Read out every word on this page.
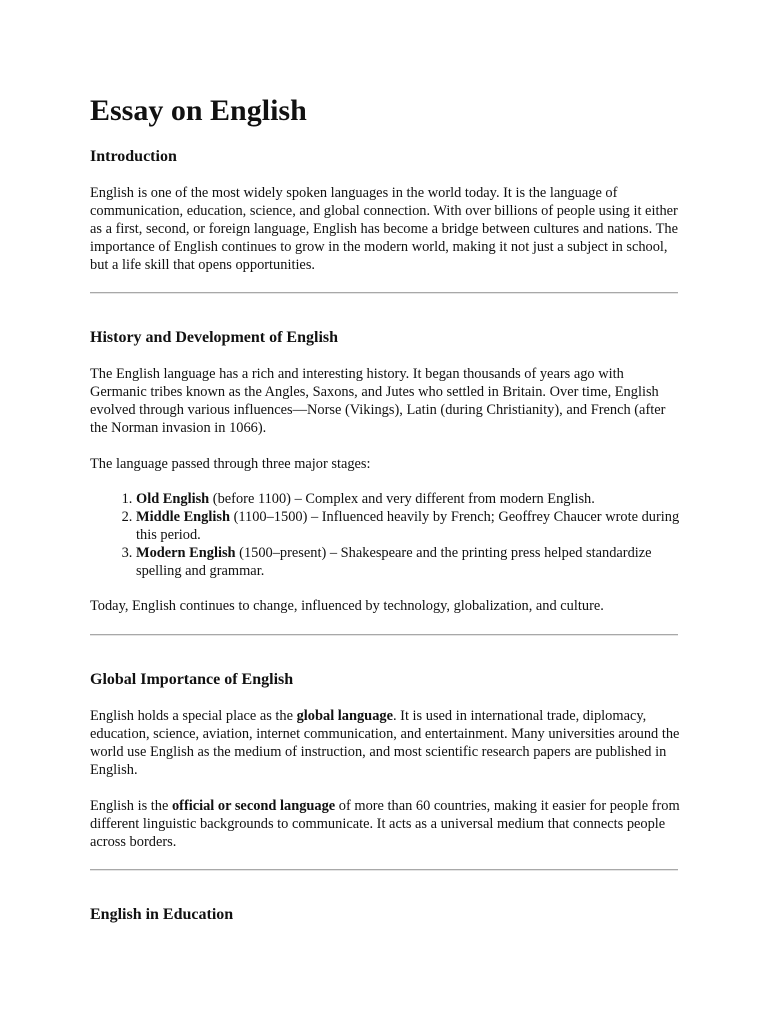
Essay on English
Introduction

English is one of the most widely spoken languages in the world today. It is the language of communication, education, science, and global connection. With over billions of people using it either as a first, second, or foreign language, English has become a bridge between cultures and nations. The importance of English continues to grow in the modern world, making it not just a subject in school, but a life skill that opens opportunities.

History and Development of English

The English language has a rich and interesting history. It began thousands of years ago with Germanic tribes known as the Angles, Saxons, and Jutes who settled in Britain. Over time, English evolved through various influences—Norse (Vikings), Latin (during Christianity), and French (after the Norman invasion in 1066).

The language passed through three major stages:

1. Old English (before 1100) – Complex and very different from modern English.
2. Middle English (1100–1500) – Influenced heavily by French; Geoffrey Chaucer wrote during this period.
3. Modern English (1500–present) – Shakespeare and the printing press helped standardize spelling and grammar.

Today, English continues to change, influenced by technology, globalization, and culture.

Global Importance of English

English holds a special place as the global language. It is used in international trade, diplomacy, education, science, aviation, internet communication, and entertainment. Many universities around the world use English as the medium of instruction, and most scientific research papers are published in English.

English is the official or second language of more than 60 countries, making it easier for people from different linguistic backgrounds to communicate. It acts as a universal medium that connects people across borders.

English in Education
